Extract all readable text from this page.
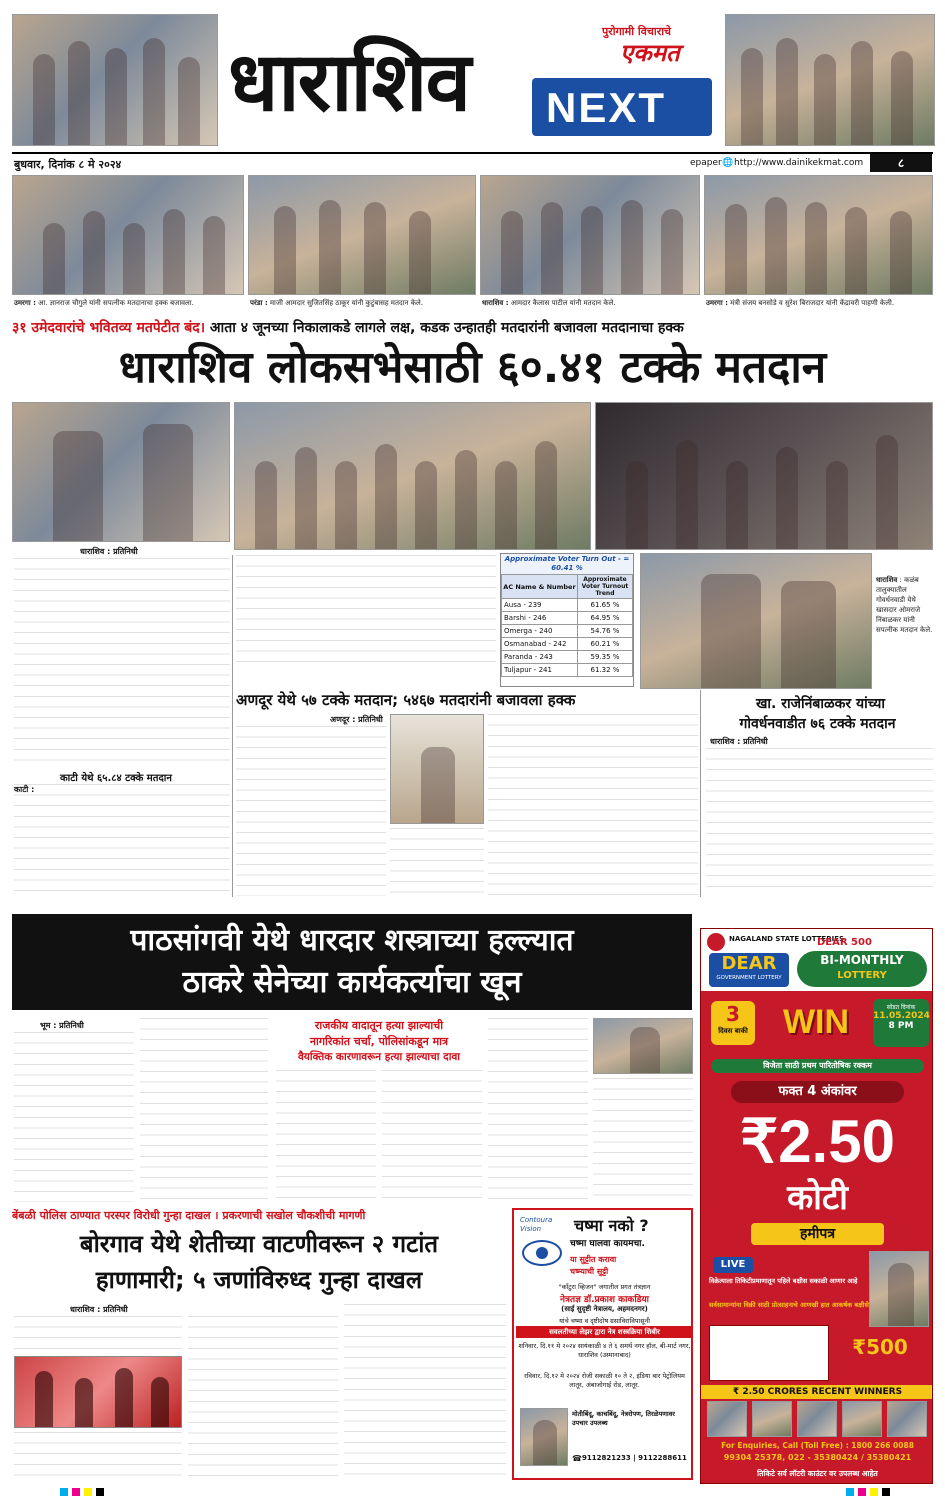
धाराशिव
पुरोगामी विचाराचे
एकमत
NEXT
बुधवार, दिनांक ८ मे २०२४	epaper 🌐 http://www.dainikekmat.com	८
उमरगा : आ. ज्ञानराज चौगुले यांनी सपत्नीक मतदानाचा हक्क बजावला.	परंडा : माजी आमदार सुजितसिंह ठाकूर यांनी कुटुंबासह मतदान केले.	धाराशिव : आमदार कैलास पाटील यांनी मतदान केले.	उमरगा : मंत्री संजय बनसोडे व सुरेश बिराजदार यांनी केंद्रावरी पाहणी केली.
३१ उमेदवारांचे भवितव्य मतपेटीत बंद। आता ४ जूनच्या निकालाकडे लागले लक्ष, कडक उन्हातही मतदारांनी बजावला मतदानाचा हक्क
धाराशिव लोकसभेसाठी ६०.४१ टक्के मतदान
धाराशिव : प्रतिनिधी
काटी येथे ६५.८४ टक्के मतदान
काटी :
Approximate Voter Turn Out - = 60.41 %
AC Name & Number	Approximate Voter Turnout Trend
Ausa - 239	61.65 %
Barshi - 246	64.95 %
Omerga - 240	54.76 %
Osmanabad - 242	60.21 %
Paranda - 243	59.35 %
Tuljapur - 241	61.32 %
धाराशिव : कळंब तालुक्यातील गोवर्धनवाडी येथे खासदार ओमराजे निंबाळकर यांनी सपत्नीक मतदान केले.
अणदूर येथे ५७ टक्के मतदान; ५४६७ मतदारांनी बजावला हक्क
अणदूर : प्रतिनिधी
खा. राजेनिंबाळकर यांच्या
गोवर्धनवाडीत ७६ टक्के मतदान
धाराशिव : प्रतिनिधी
पाठसांगवी येथे धारदार शस्त्राच्या हल्ल्यात
ठाकरे सेनेच्या कार्यकर्त्याचा खून
भूम : प्रतिनिधी	राजकीय वादातून हत्या झाल्याची
नागरिकांत चर्चा, पोलिसांकडून मात्र
वैयक्तिक कारणावरून हत्या झाल्याचा दावा
बेंबळी पोलिस ठाण्यात परस्पर विरोधी गुन्हा दाखल । प्रकरणाची सखोल चौकशीची मागणी
बोरगाव येथे शेतीच्या वाटणीवरून २ गटांत
हाणामारी; ५ जणांविरुध्द गुन्हा दाखल
धाराशिव : प्रतिनिधी
Contoura Vision	चष्मा नको ?
चष्मा घालवा कायमचा.
या सुट्टीत करावा
चष्म्याची सुट्टी
"कॉंटुरा व्हिजन" जगातील प्रगत तंत्रज्ञान
नेत्रतज्ञ डॉ.प्रकाश काकडिया
(साई सुदृष्टी नेत्रालय, अहमदनगर)
यांचे चष्मा व दृष्टीदोष ग्रसाविराविपासूनी
सवलतीच्या लेझर द्वारा नेत्र शस्त्रक्रिया शिबीर
शनिवार, दि.११ मे २०२४ सायंकाळी ४ ते ६ समर्थ नगर हॉल, बी-मार्ट नगर, धाराशिव (उस्मानाबाद)
रविवार, दि.१२ मे २०२४ रोजी सकाळी १० ते २, इंडिया बार पेट्रोलियम लातूर, अंबाजोगाई रोड, लातूर.
मोतीबिंदू, काचबिंदू, नेत्ररोपण, तिरळेपणावर उपचार उपलब्ध
☎ 9112821233 | 9112288611
NAGALAND STATE LOTTERIES
DEAR
GOVERNMENT LOTTERY
DEAR 500
BI-MONTHLY
LOTTERY
3
दिवस बाकी
सोडत दिनांक
11.05.2024
8 PM
WIN
विजेता साठी प्रथम पारितोषिक रक्कम
फक्त 4 अंकांवर
₹2.50
कोटी
हमीपत्र
LIVE
विक्रेत्याला तिकिटीप्रमाणातून पहिले बक्षीस सकाळी आणार आहे
सर्वसामान्यांना विक्री साठी प्रोत्साहनाचे आणखी हात आकर्षक बक्षीसे
₹500
₹ 2.50 CRORES RECENT WINNERS
For Enquiries, Call (Toll Free) : 1800 266 0088
99304 25378, 022 - 35380424 / 35380421
तिकिटे सर्व लॉटरी काउंटर वर उपलब्ध आहेत
